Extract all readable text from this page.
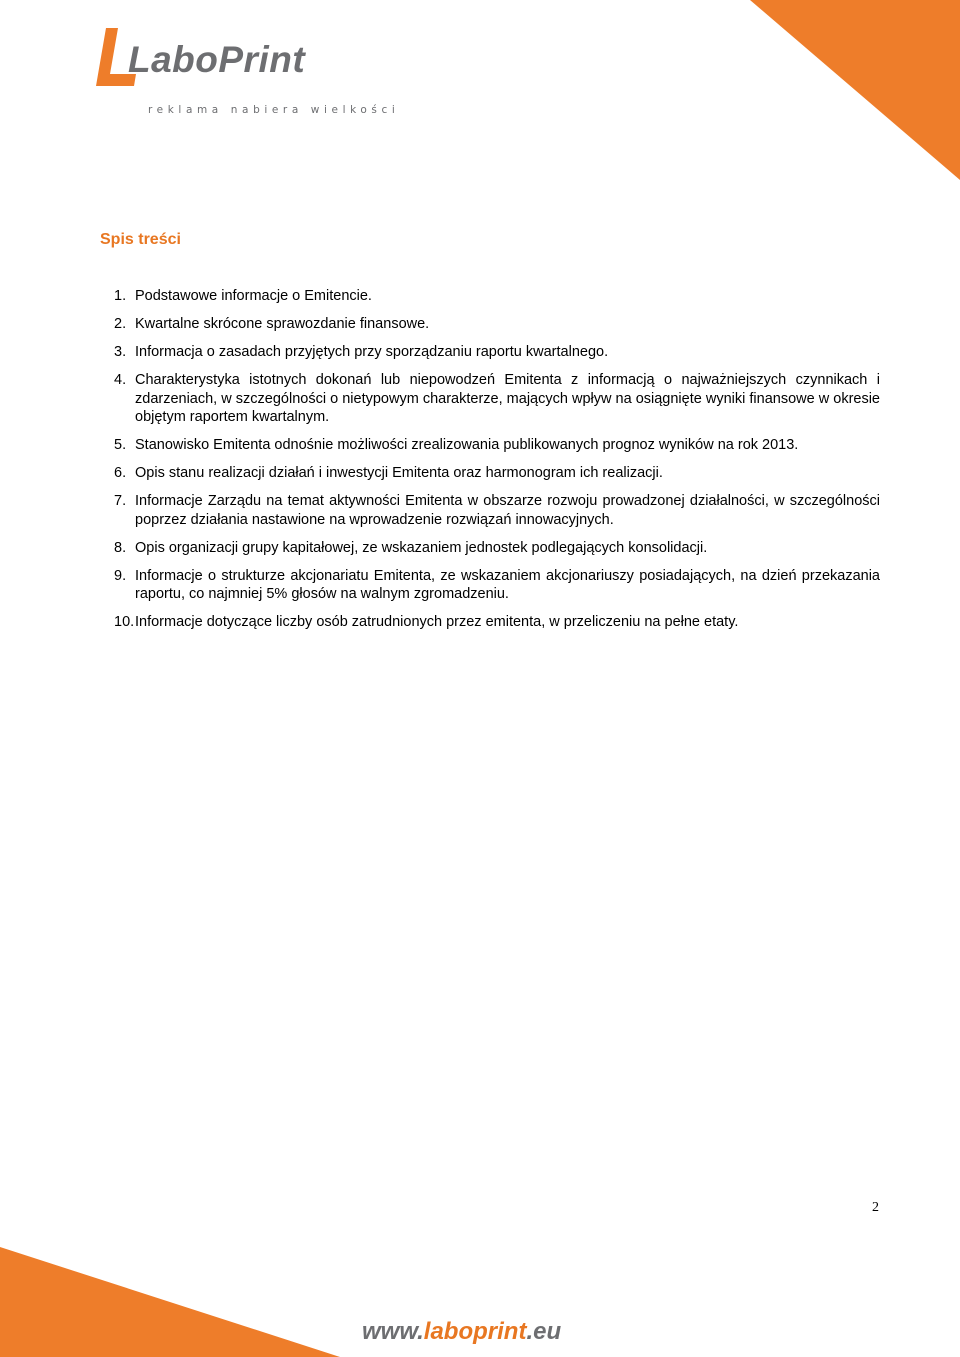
LaboPrint
reklama nabiera wielkości
Spis treści
1. Podstawowe informacje o Emitencie.
2. Kwartalne skrócone sprawozdanie finansowe.
3. Informacja o zasadach przyjętych przy sporządzaniu raportu kwartalnego.
4. Charakterystyka istotnych dokonań lub niepowodzeń Emitenta z informacją o najważniejszych czynnikach i zdarzeniach, w szczególności o nietypowym charakterze, mających wpływ na osiągnięte wyniki finansowe w okresie objętym raportem kwartalnym.
5. Stanowisko Emitenta odnośnie możliwości zrealizowania publikowanych prognoz wyników na rok 2013.
6. Opis stanu realizacji działań i inwestycji Emitenta oraz harmonogram ich realizacji.
7. Informacje Zarządu na temat aktywności Emitenta w obszarze rozwoju prowadzonej działalności, w szczególności poprzez działania nastawione na wprowadzenie rozwiązań innowacyjnych.
8. Opis organizacji grupy kapitałowej, ze wskazaniem jednostek podlegających konsolidacji.
9. Informacje o strukturze akcjonariatu Emitenta, ze wskazaniem akcjonariuszy posiadających, na dzień przekazania raportu, co najmniej 5% głosów na walnym zgromadzeniu.
10. Informacje dotyczące liczby osób zatrudnionych przez emitenta, w przeliczeniu na pełne etaty.
2
www.laboprint.eu
